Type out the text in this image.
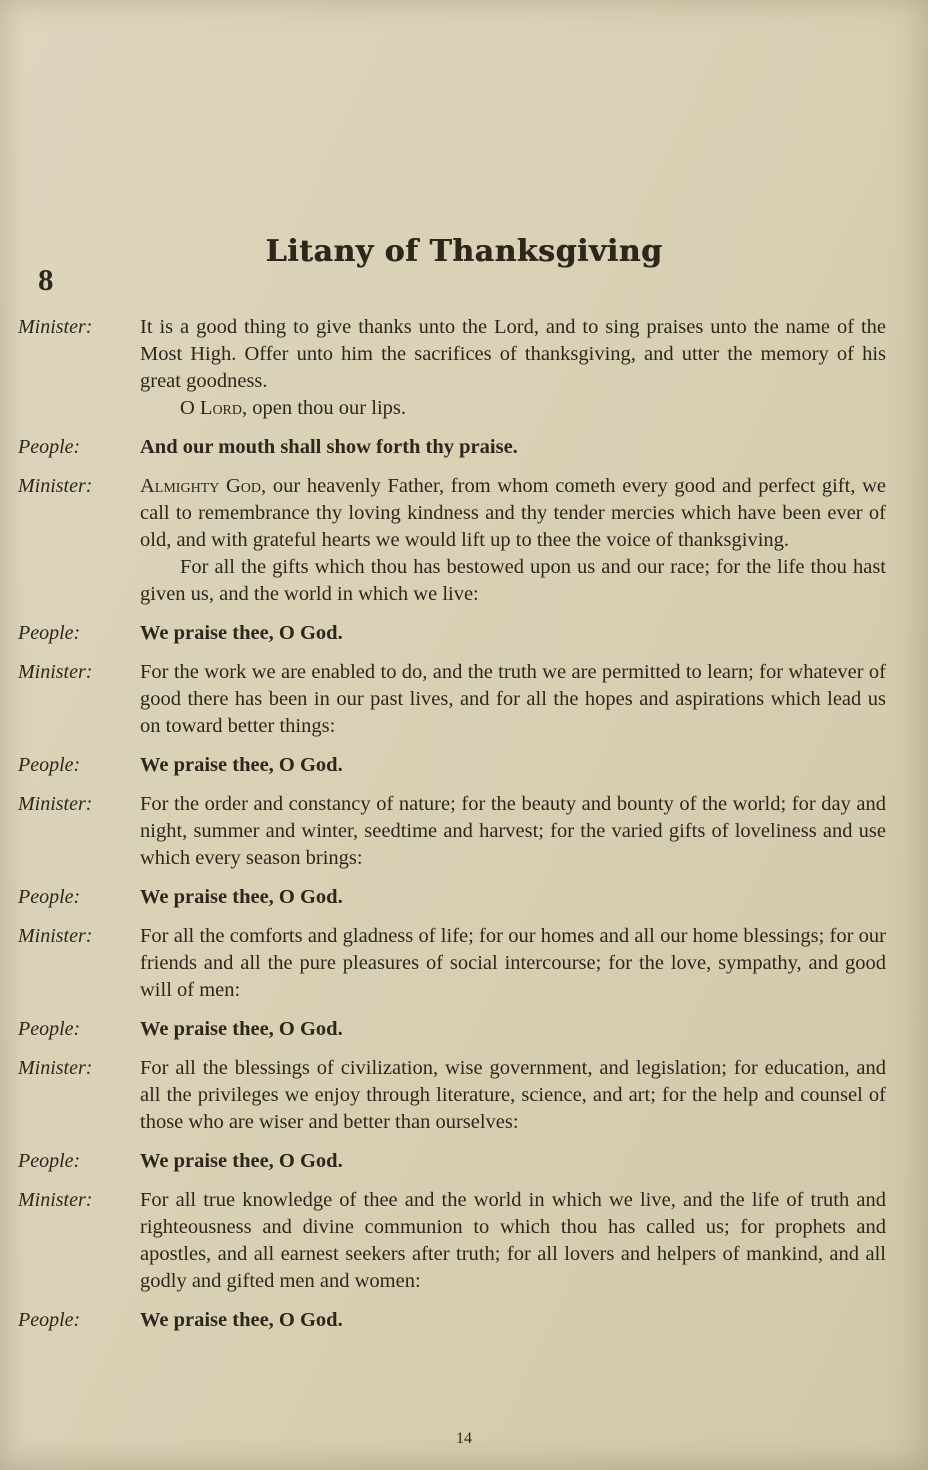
8
Litany of Thanksgiving
Minister:	It is a good thing to give thanks unto the Lord, and to sing praises unto the name of the Most High. Offer unto him the sacrifices of thanksgiving, and utter the memory of his great goodness.

O Lord, open thou our lips.

People:	And our mouth shall show forth thy praise.

Minister:	Almighty God, our heavenly Father, from whom cometh every good and perfect gift, we call to remembrance thy loving kindness and thy tender mercies which have been ever of old, and with grateful hearts we would lift up to thee the voice of thanksgiving.

For all the gifts which thou has bestowed upon us and our race; for the life thou hast given us, and the world in which we live:

People:	We praise thee, O God.

Minister:	For the work we are enabled to do, and the truth we are permitted to learn; for whatever of good there has been in our past lives, and for all the hopes and aspirations which lead us on toward better things:

People:	We praise thee, O God.

Minister:	For the order and constancy of nature; for the beauty and bounty of the world; for day and night, summer and winter, seedtime and harvest; for the varied gifts of loveliness and use which every season brings:

People:	We praise thee, O God.

Minister:	For all the comforts and gladness of life; for our homes and all our home blessings; for our friends and all the pure pleasures of social intercourse; for the love, sympathy, and good will of men:

People:	We praise thee, O God.

Minister:	For all the blessings of civilization, wise government, and legislation; for education, and all the privileges we enjoy through literature, science, and art; for the help and counsel of those who are wiser and better than ourselves:

People:	We praise thee, O God.

Minister:	For all true knowledge of thee and the world in which we live, and the life of truth and righteousness and divine communion to which thou has called us; for prophets and apostles, and all earnest seekers after truth; for all lovers and helpers of mankind, and all godly and gifted men and women:

People:	We praise thee, O God.

14
